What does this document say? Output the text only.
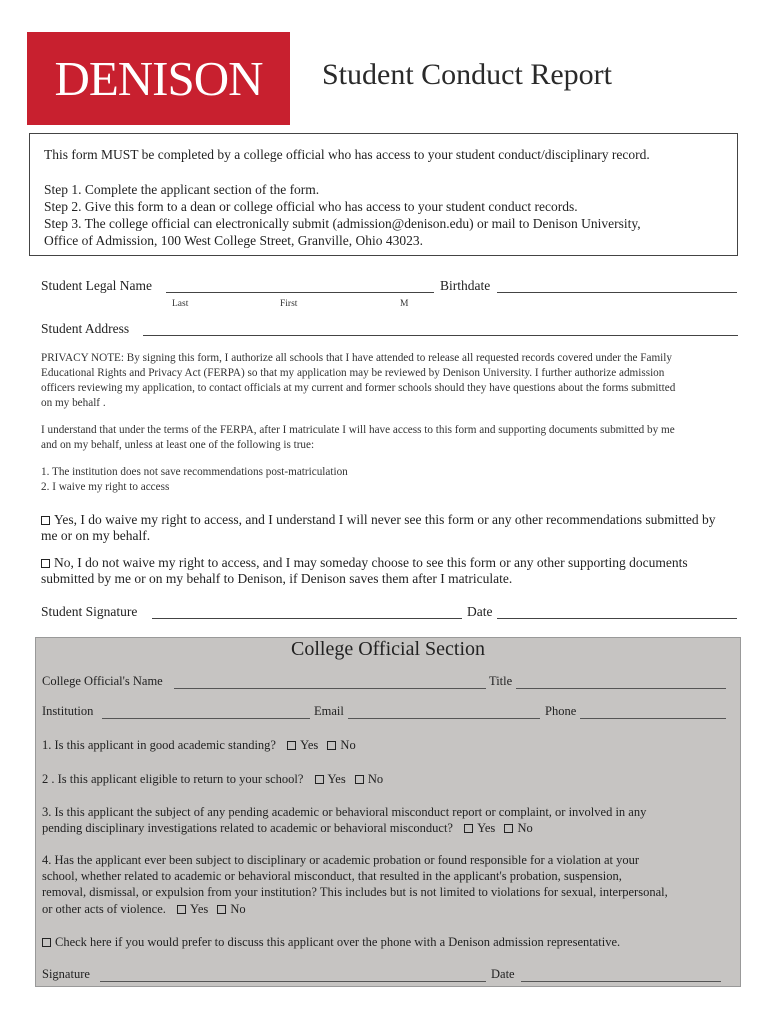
DENISON	Student Conduct Report
This form MUST be completed by a college official who has access to your student conduct/disciplinary record.
Step 1. Complete the applicant section of the form.
Step 2. Give this form to a dean or college official who has access to your student conduct records.
Step 3. The college official can electronically submit (admission@denison.edu) or mail to Denison University,
Office of Admission, 100 West College Street, Granville, Ohio 43023.
Student Legal Name	Birthdate
Last	First	M
Student Address
PRIVACY NOTE: By signing this form, I authorize all schools that I have attended to release all requested records covered under the Family
Educational Rights and Privacy Act (FERPA) so that my application may be reviewed by Denison University. I further authorize admission
officers reviewing my application, to contact officials at my current and former schools should they have questions about the forms submitted
on my behalf .
I understand that under the terms of the FERPA, after I matriculate I will have access to this form and supporting documents submitted by me
and on my behalf, unless at least one of the following is true:
1. The institution does not save recommendations post-matriculation
2. I waive my right to access
Yes, I do waive my right to access, and I understand I will never see this form or any other recommendations submitted by
me or on my behalf.
No, I do not waive my right to access, and I may someday choose to see this form or any other supporting documents
submitted by me or on my behalf to Denison, if Denison saves them after I matriculate.
Student Signature	Date
College Official Section
College Official's Name	Title
Institution	Email	Phone
1. Is this applicant in good academic standing? Yes No
2 . Is this applicant eligible to return to your school? Yes No
3. Is this applicant the subject of any pending academic or behavioral misconduct report or complaint, or involved in any
pending disciplinary investigations related to academic or behavioral misconduct? Yes No
4. Has the applicant ever been subject to disciplinary or academic probation or found responsible for a violation at your
school, whether related to academic or behavioral misconduct, that resulted in the applicant's probation, suspension,
removal, dismissal, or expulsion from your institution? This includes but is not limited to violations for sexual, interpersonal,
or other acts of violence. Yes No
Check here if you would prefer to discuss this applicant over the phone with a Denison admission representative.
Signature	Date
